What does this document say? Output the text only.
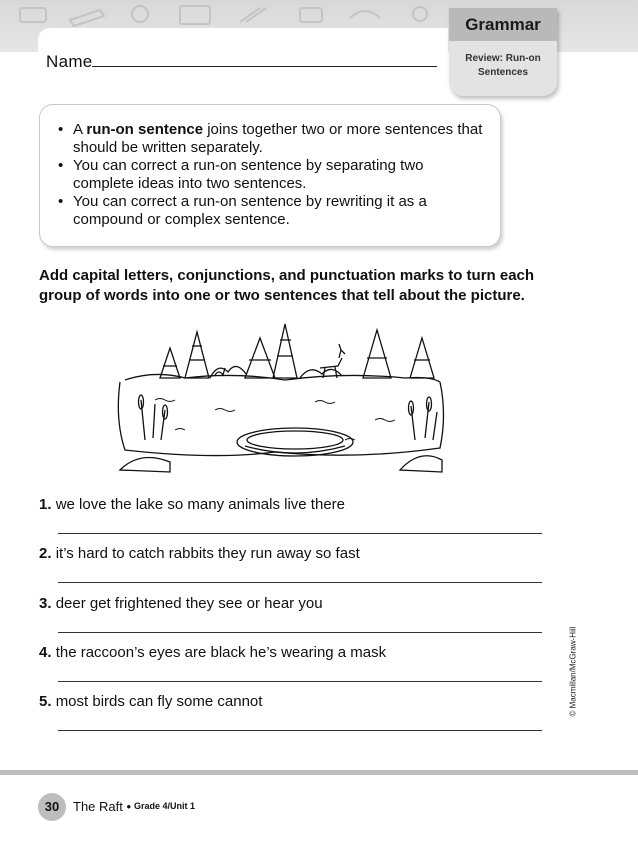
Name
Grammar
Review: Run-on
Sentences
• A run-on sentence joins together two or more sentences that should be written separately.
• You can correct a run-on sentence by separating two complete ideas into two sentences.
• You can correct a run-on sentence by rewriting it as a compound or complex sentence.
Add capital letters, conjunctions, and punctuation marks to turn each
group of words into one or two sentences that tell about the picture.
1. we love the lake so many animals live there
2. it’s hard to catch rabbits they run away so fast
3. deer get frightened they see or hear you
4. the raccoon’s eyes are black he’s wearing a mask
5. most birds can fly some cannot	© Macmillan/McGraw-Hill
30	The Raft • Grade 4/Unit 1
